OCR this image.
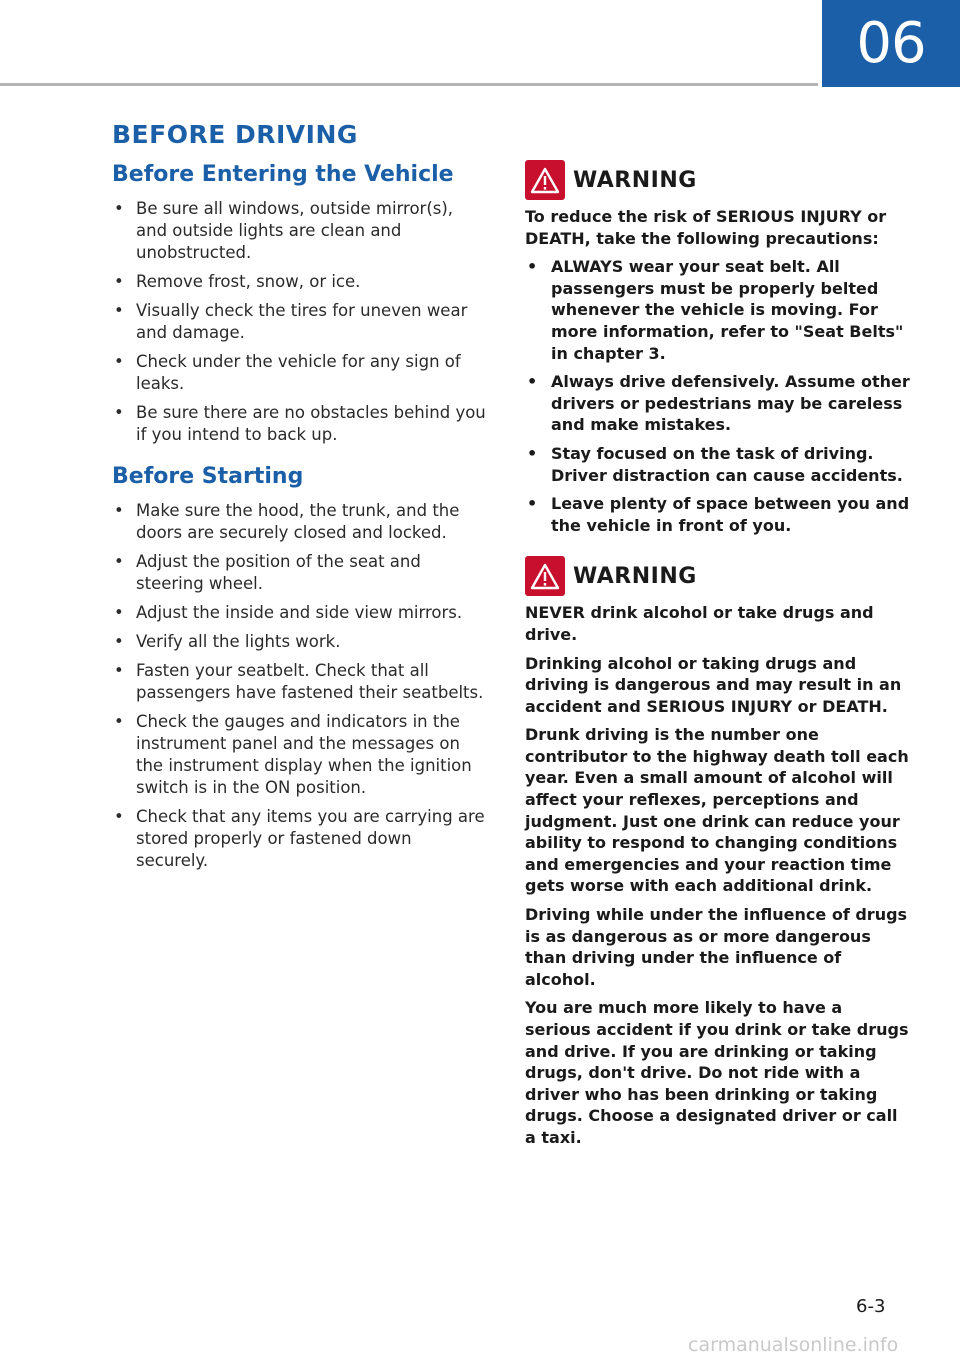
06
BEFORE DRIVING
Before Entering the Vehicle
• Be sure all windows, outside mirror(s), and outside lights are clean and unobstructed.
• Remove frost, snow, or ice.
• Visually check the tires for uneven wear and damage.
• Check under the vehicle for any sign of leaks.
• Be sure there are no obstacles behind you if you intend to back up.
Before Starting
• Make sure the hood, the trunk, and the doors are securely closed and locked.
• Adjust the position of the seat and steering wheel.
• Adjust the inside and side view mirrors.
• Verify all the lights work.
• Fasten your seatbelt. Check that all passengers have fastened their seatbelts.
• Check the gauges and indicators in the instrument panel and the messages on the instrument display when the ignition switch is in the ON position.
• Check that any items you are carrying are stored properly or fastened down securely.
WARNING

To reduce the risk of SERIOUS INJURY or DEATH, take the following precautions:

• ALWAYS wear your seat belt. All passengers must be properly belted whenever the vehicle is moving. For more information, refer to "Seat Belts" in chapter 3.
• Always drive defensively. Assume other drivers or pedestrians may be careless and make mistakes.
• Stay focused on the task of driving. Driver distraction can cause accidents.
• Leave plenty of space between you and the vehicle in front of you.
WARNING

NEVER drink alcohol or take drugs and drive.

Drinking alcohol or taking drugs and driving is dangerous and may result in an accident and SERIOUS INJURY or DEATH.

Drunk driving is the number one contributor to the highway death toll each year. Even a small amount of alcohol will affect your reflexes, perceptions and judgment. Just one drink can reduce your ability to respond to changing conditions and emergencies and your reaction time gets worse with each additional drink.

Driving while under the influence of drugs is as dangerous as or more dangerous than driving under the influence of alcohol.

You are much more likely to have a serious accident if you drink or take drugs and drive. If you are drinking or taking drugs, don't drive. Do not ride with a driver who has been drinking or taking drugs. Choose a designated driver or call a taxi.

6-3
carmanualsonline.info
